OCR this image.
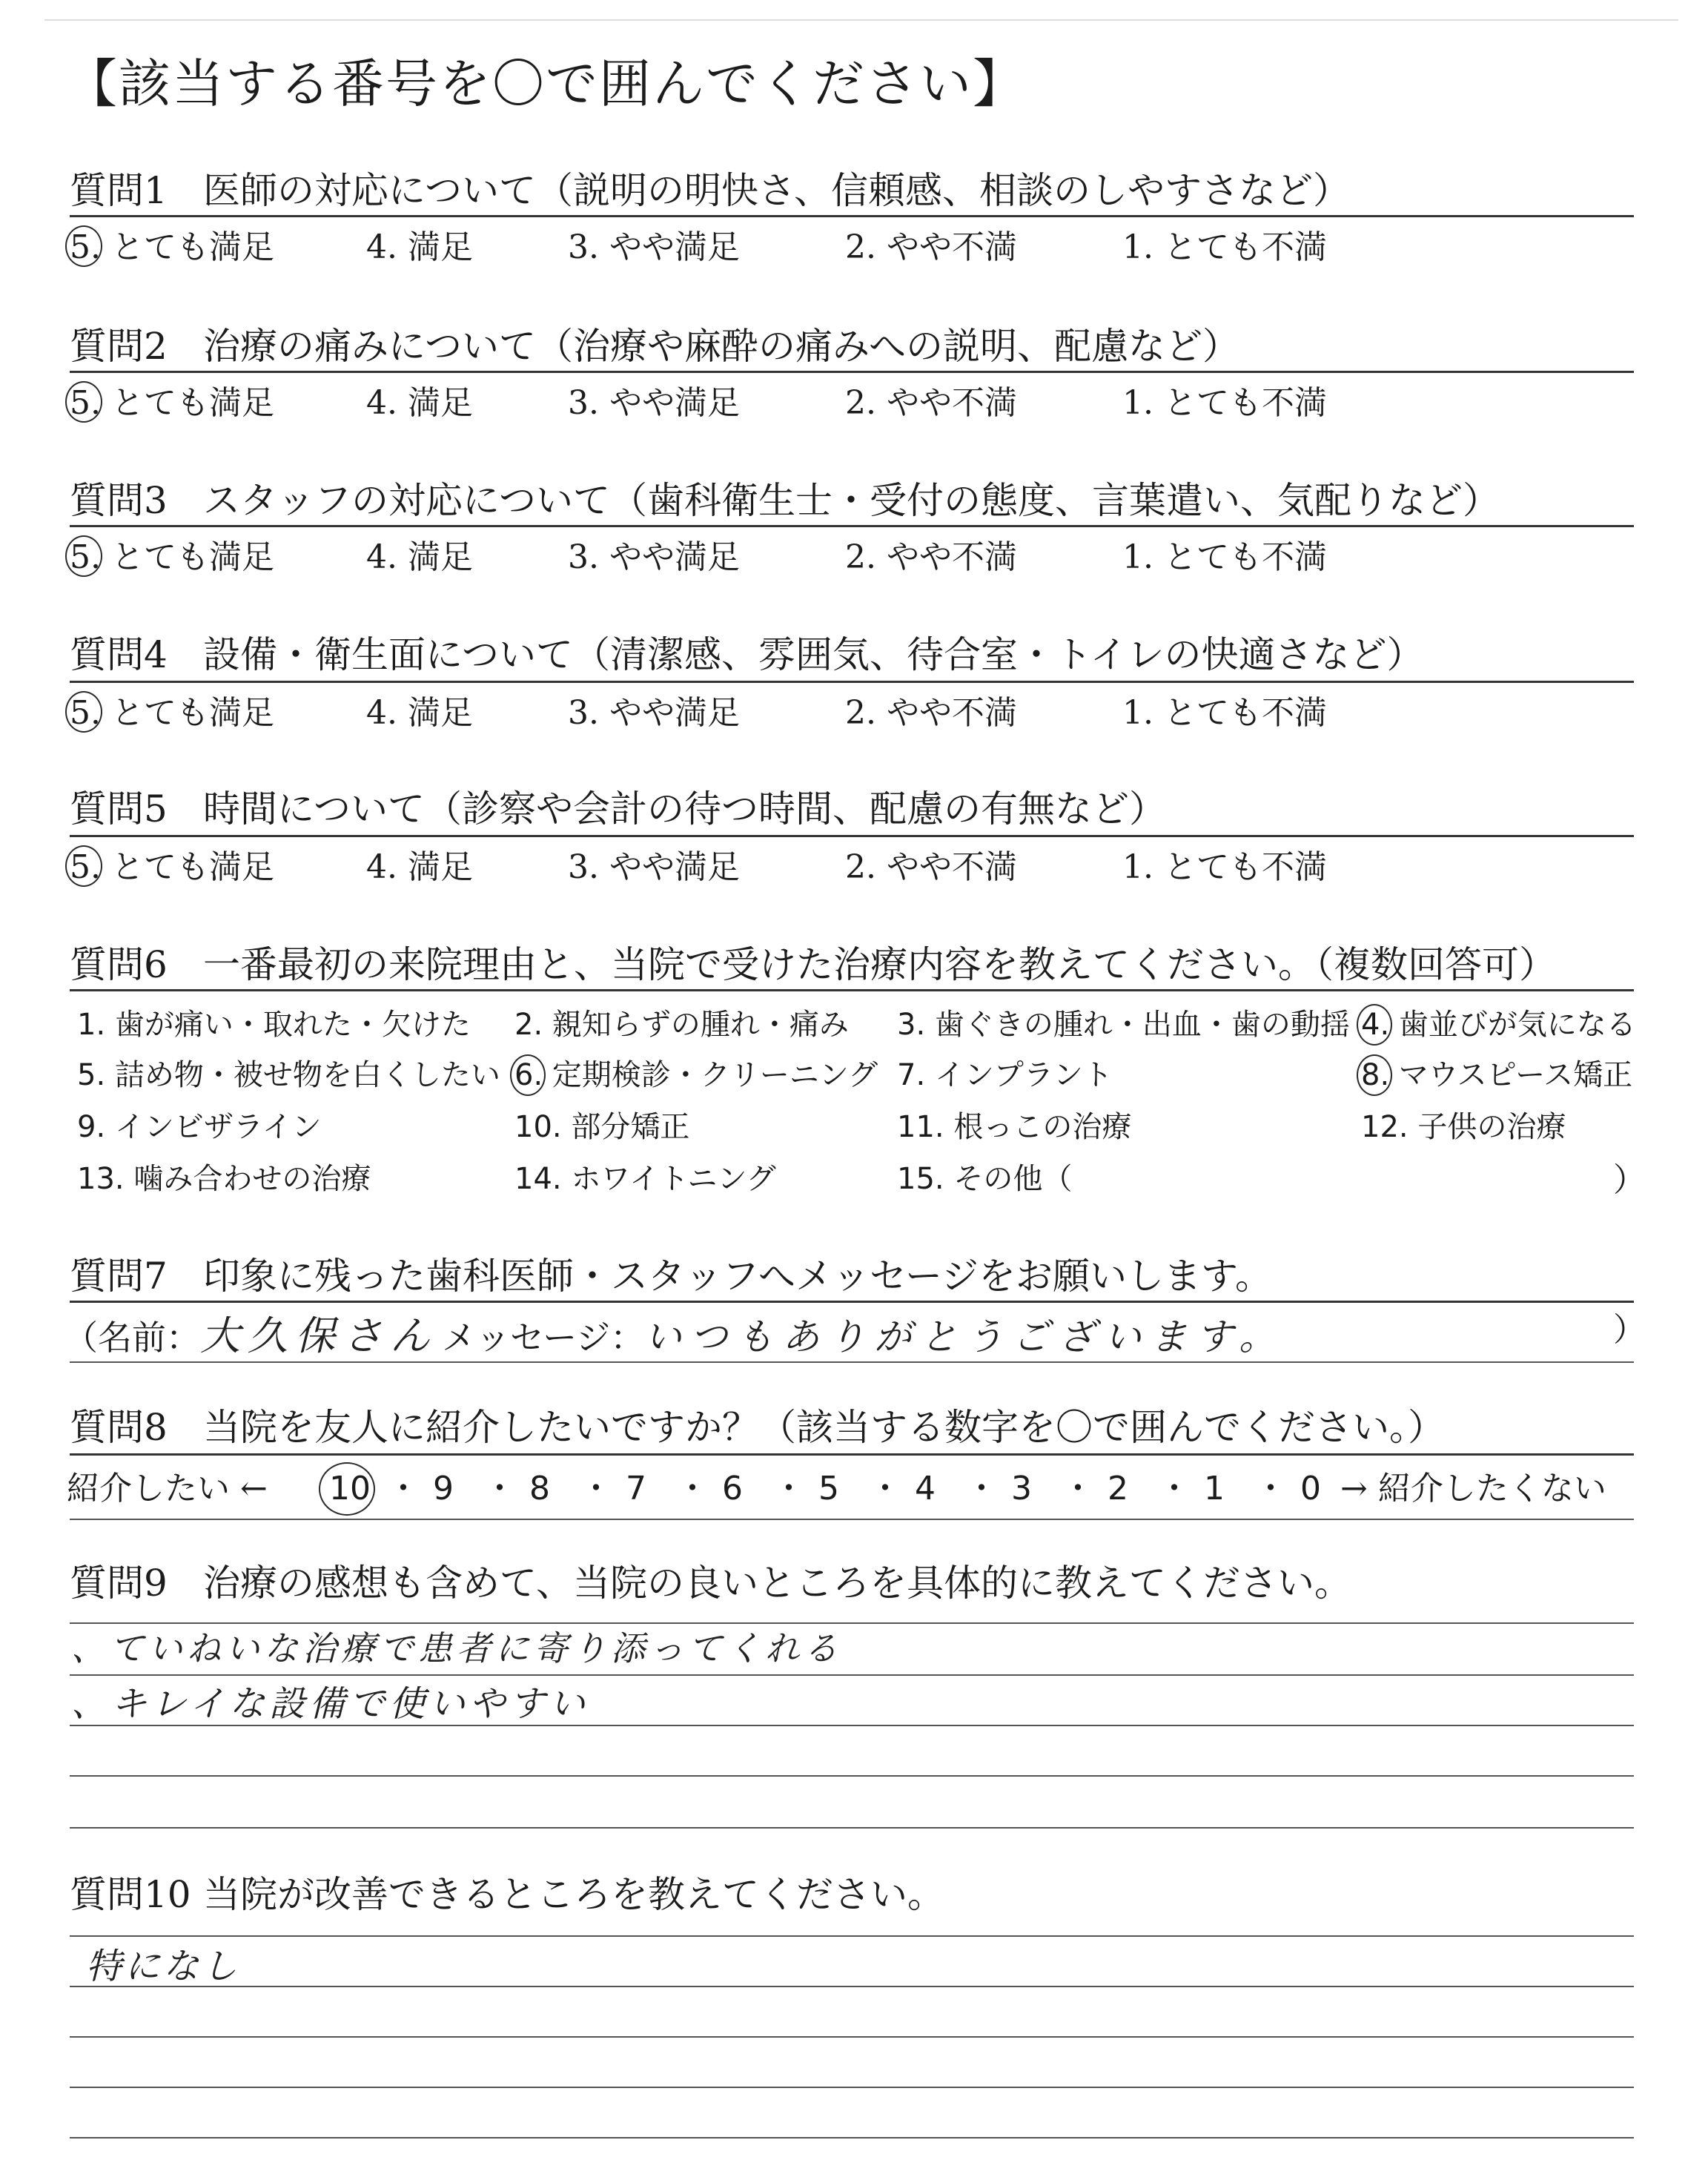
【該当する番号を〇で囲んでください】
質問1 医師の対応について（説明の明快さ、信頼感、相談のしやすさなど）
5. とても満足	4. 満足	3. やや満足	2. やや不満	1. とても不満
質問2 治療の痛みについて（治療や麻酔の痛みへの説明、配慮など）
5. とても満足	4. 満足	3. やや満足	2. やや不満	1. とても不満
質問3 スタッフの対応について（歯科衛生士・受付の態度、言葉遣い、気配りなど）
5. とても満足	4. 満足	3. やや満足	2. やや不満	1. とても不満
質問4 設備・衛生面について（清潔感、雰囲気、待合室・トイレの快適さなど）
5. とても満足	4. 満足	3. やや満足	2. やや不満	1. とても不満
質問5 時間について（診察や会計の待つ時間、配慮の有無など）
5. とても満足	4. 満足	3. やや満足	2. やや不満	1. とても不満
質問6 一番最初の来院理由と、当院で受けた治療内容を教えてください。（複数回答可）
1. 歯が痛い・取れた・欠けた 2. 親知らずの腫れ・痛み 3. 歯ぐきの腫れ・出血・歯の動揺 4. 歯並びが気になる
5. 詰め物・被せ物を白くしたい 6. 定期検診・クリーニング 7. インプラント	8. マウスピース矯正
9. インビザライン	10. 部分矯正	11. 根っこの治療	12. 子供の治療
13. 噛み合わせの治療	14. ホワイトニング	15. その他（	）
質問7 印象に残った歯科医師・スタッフへメッセージをお願いします。
（名前：大久保さん メッセージ：いつもありがとうございます。	）
質問8 当院を友人に紹介したいですか？（該当する数字を〇で囲んでください。）
紹介したい ← 10 ・ 9 ・ 8 ・ 7 ・ 6 ・ 5 ・ 4 ・ 3 ・ 2 ・ 1 ・ 0 → 紹介したくない
質問9 治療の感想も含めて、当院の良いところを具体的に教えてください。
、ていねいな治療で患者に寄り添ってくれる
、キレイな設備で使いやすい
質問10 当院が改善できるところを教えてください。
特になし
